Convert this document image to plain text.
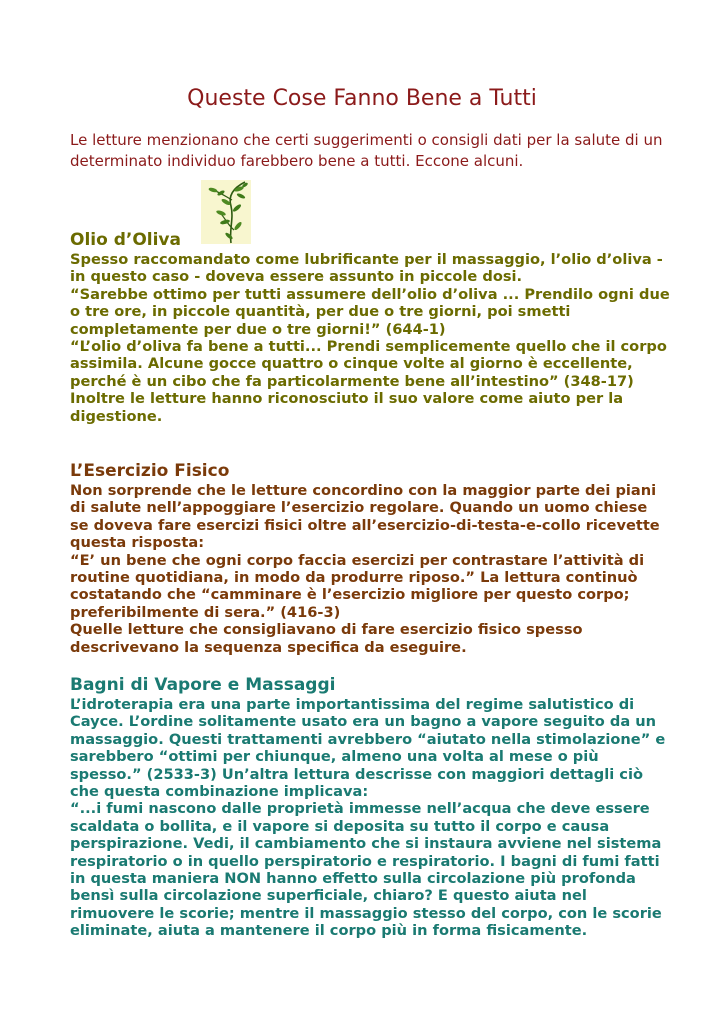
Queste Cose Fanno Bene a Tutti

Le letture menzionano che certi suggerimenti o consigli dati per la salute di un determinato individuo farebbero bene a tutti. Eccone alcuni.

Olio d’Oliva

Spesso raccomandato come lubrificante per il massaggio, l’olio d’oliva - in questo caso - doveva essere assunto in piccole dosi.

“Sarebbe ottimo per tutti assumere dell’olio d’oliva ... Prendilo ogni due o tre ore, in piccole quantità, per due o tre giorni, poi smetti completamente per due o tre giorni!” (644-1)

“L’olio d’oliva fa bene a tutti... Prendi semplicemente quello che il corpo assimila. Alcune gocce quattro o cinque volte al giorno è eccellente, perché è un cibo che fa particolarmente bene all’intestino” (348-17)

Inoltre le letture hanno riconosciuto il suo valore come aiuto per la digestione.

L’Esercizio Fisico

Non sorprende che le letture concordino con la maggior parte dei piani di salute nell’appoggiare l’esercizio regolare. Quando un uomo chiese se doveva fare esercizi fisici oltre all’esercizio-di-testa-e-collo ricevette questa risposta:

“E’ un bene che ogni corpo faccia esercizi per contrastare l’attività di routine quotidiana, in modo da produrre riposo.” La lettura continuò costatando che “camminare è l’esercizio migliore per questo corpo; preferibilmente di sera.” (416-3)

Quelle letture che consigliavano di fare esercizio fisico spesso descrivevano la sequenza specifica da eseguire.

Bagni di Vapore e Massaggi

L’idroterapia era una parte importantissima del regime salutistico di Cayce. L’ordine solitamente usato era un bagno a vapore seguito da un massaggio. Questi trattamenti avrebbero “aiutato nella stimolazione” e sarebbero “ottimi per chiunque, almeno una volta al mese o più spesso.” (2533-3) Un’altra lettura descrisse con maggiori dettagli ciò che questa combinazione implicava:

“...i fumi nascono dalle proprietà immesse nell’acqua che deve essere scaldata o bollita, e il vapore si deposita su tutto il corpo e causa perspirazione. Vedi, il cambiamento che si instaura avviene nel sistema respiratorio o in quello perspiratorio e respiratorio. I bagni di fumi fatti in questa maniera NON hanno effetto sulla circolazione più profonda bensì sulla circolazione superficiale, chiaro? E questo aiuta nel rimuovere le scorie; mentre il massaggio stesso del corpo, con le scorie eliminate, aiuta a mantenere il corpo più in forma fisicamente.
